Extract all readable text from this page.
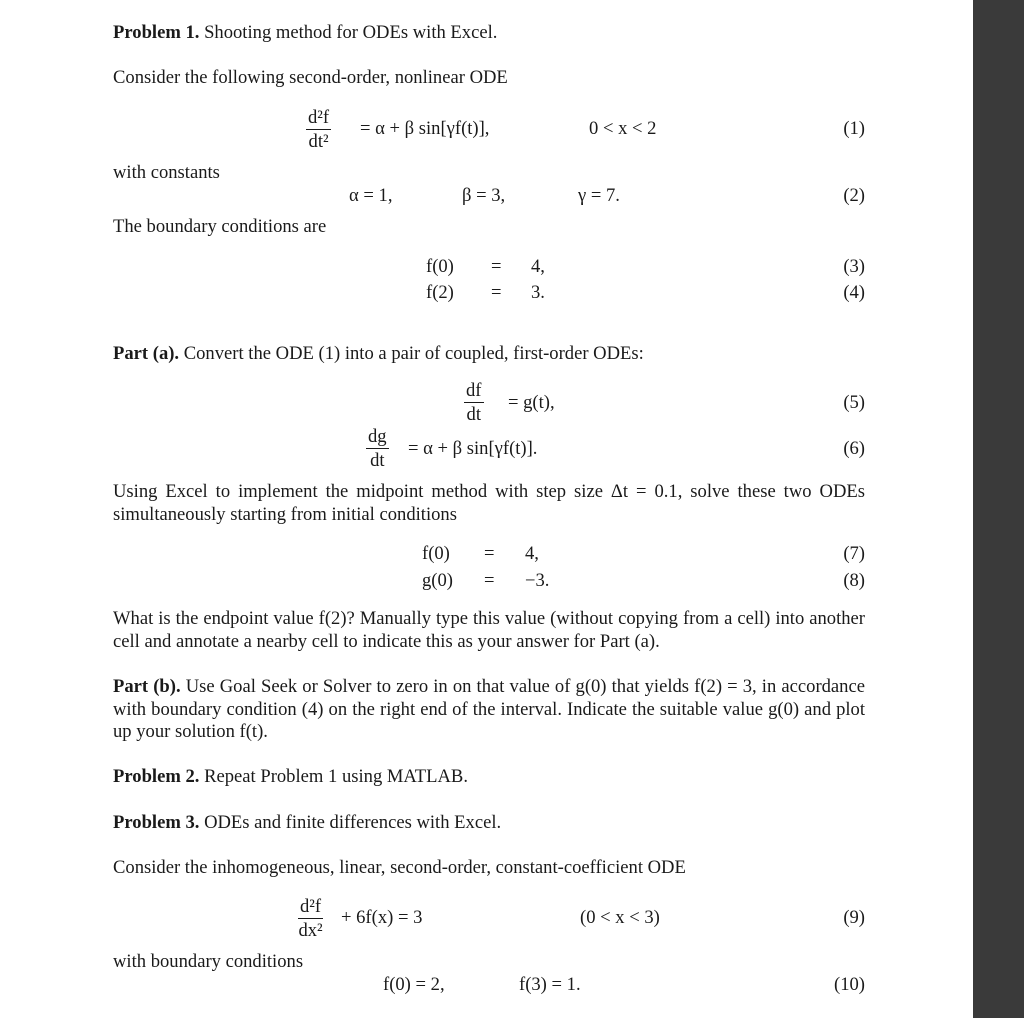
Problem 1. Shooting method for ODEs with Excel.
Consider the following second-order, nonlinear ODE
$\frac{\text{d²f}}{\text{dt²}} = \alpha + \beta$ sin[γf(t)],	0 < x < 2	(1)
with constants
α = 1,	β = 3,	γ = 7.	(2)
The boundary conditions are
f(0) = 4,	(3)
f(2) = 3.	(4)
Part (a). Convert the ODE (1) into a pair of coupled, first-order ODEs:
$\frac{df}{dt} = g(t)$,	(5)
$\frac{dg}{dt} = \alpha + \beta$ sin[γf(t)].	(6)
Using Excel to implement the midpoint method with step size Δt = 0.1, solve these two ODEs simultaneously starting from initial conditions
f(0) = 4,	(7)
g(0) = −3.	(8)
What is the endpoint value f(2)? Manually type this value (without copying from a cell) into another cell and annotate a nearby cell to indicate this as your answer for Part (a).
Part (b). Use Goal Seek or Solver to zero in on that value of g(0) that yields f(2) = 3, in accordance with boundary condition (4) on the right end of the interval. Indicate the suitable value g(0) and plot up your solution f(t).
Problem 2. Repeat Problem 1 using MATLAB.
Problem 3. ODEs and finite differences with Excel.
Consider the inhomogeneous, linear, second-order, constant-coefficient ODE
$\frac{\text{d²f}}{\text{dx²}} + 6f(x) = 3$	(0 < x < 3)	(9)
with boundary conditions
f(0) = 2,	f(3) = 1.	(10)
